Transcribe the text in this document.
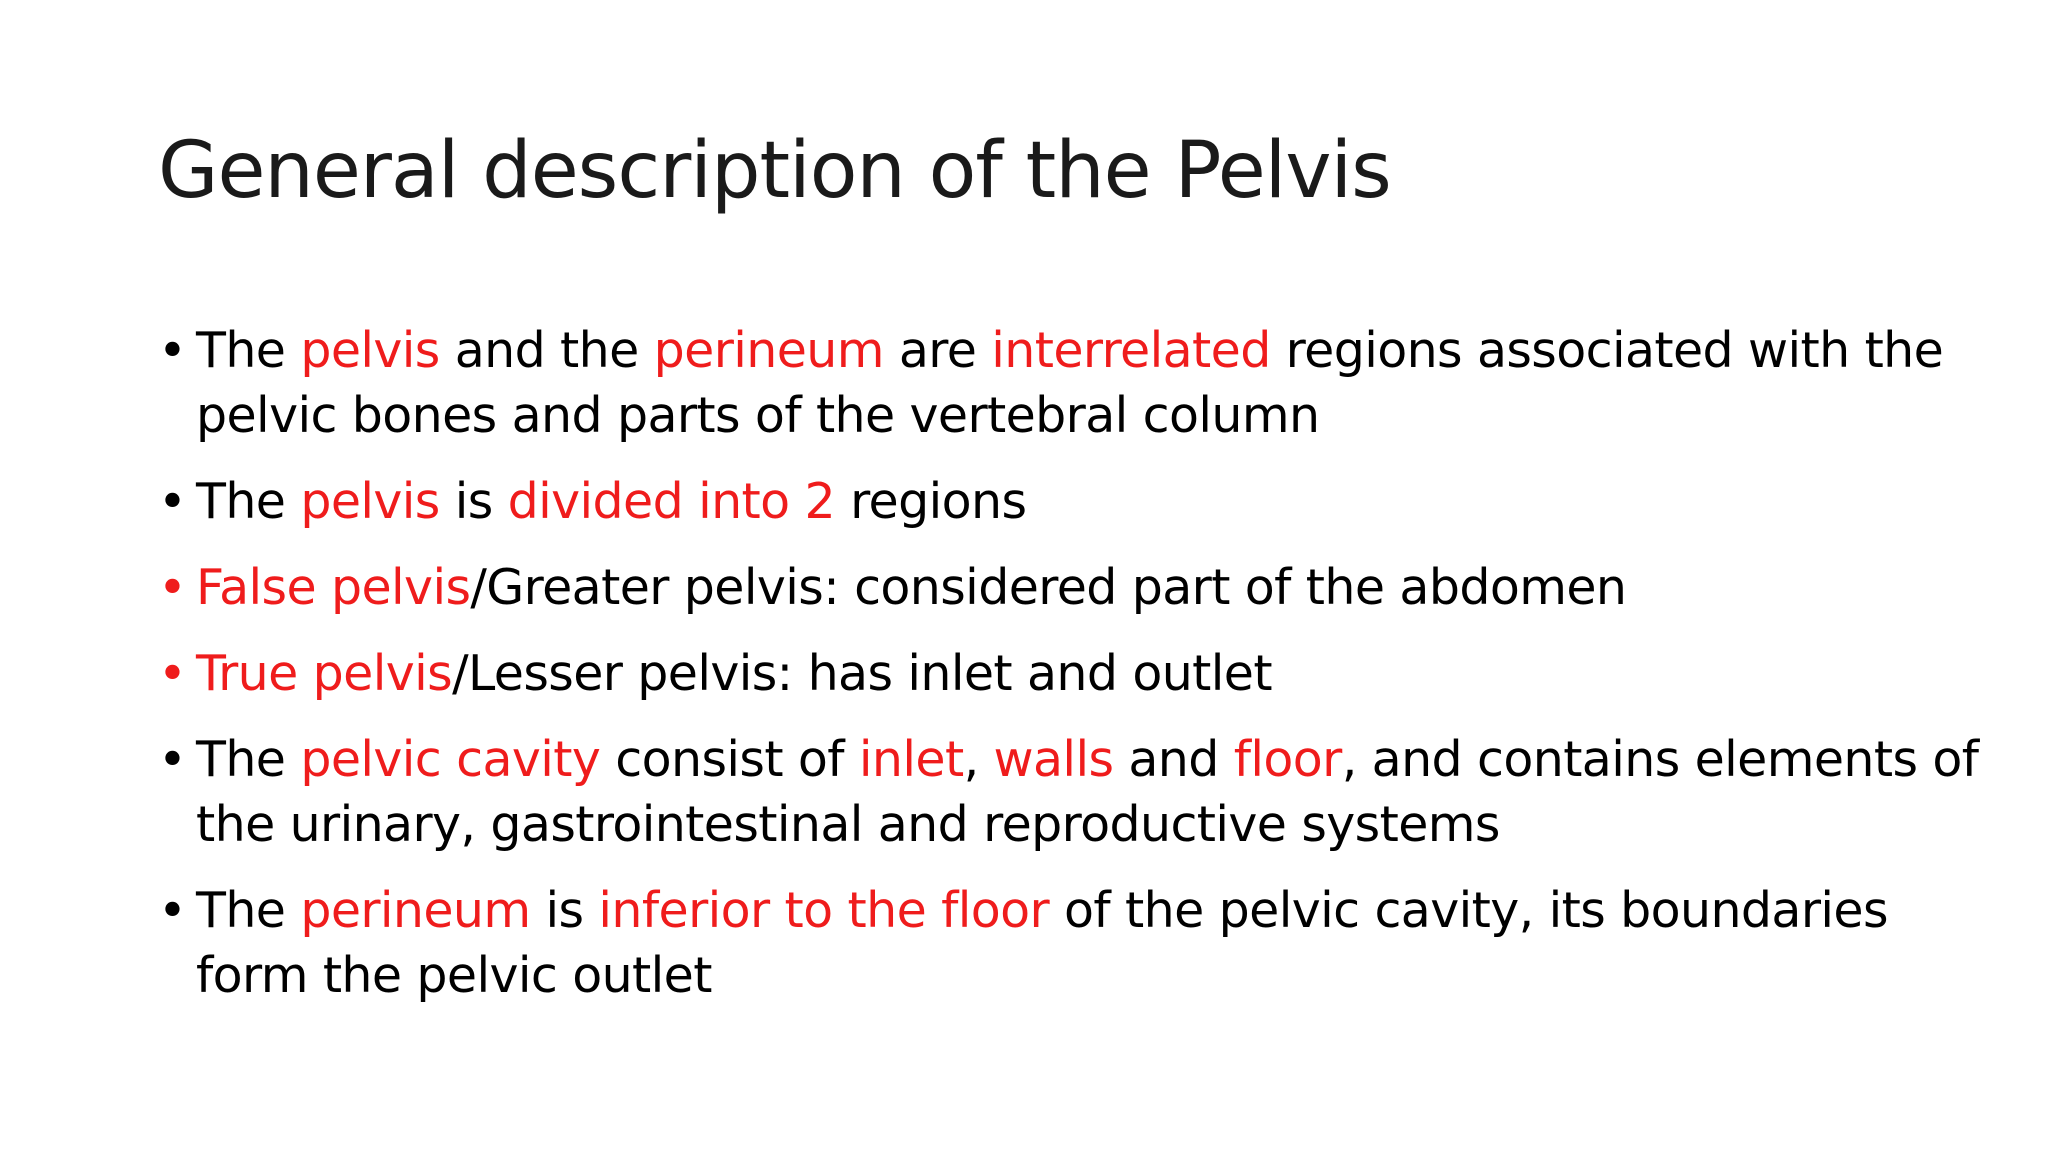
General description of the Pelvis
• The pelvis and the perineum are interrelated regions associated with the pelvic bones and parts of the vertebral column
• The pelvis is divided into 2 regions
• False pelvis/Greater pelvis: considered part of the abdomen
• True pelvis/Lesser pelvis: has inlet and outlet
• The pelvic cavity consist of inlet, walls and floor, and contains elements of the urinary, gastrointestinal and reproductive systems
• The perineum is inferior to the floor of the pelvic cavity, its boundaries form the pelvic outlet
